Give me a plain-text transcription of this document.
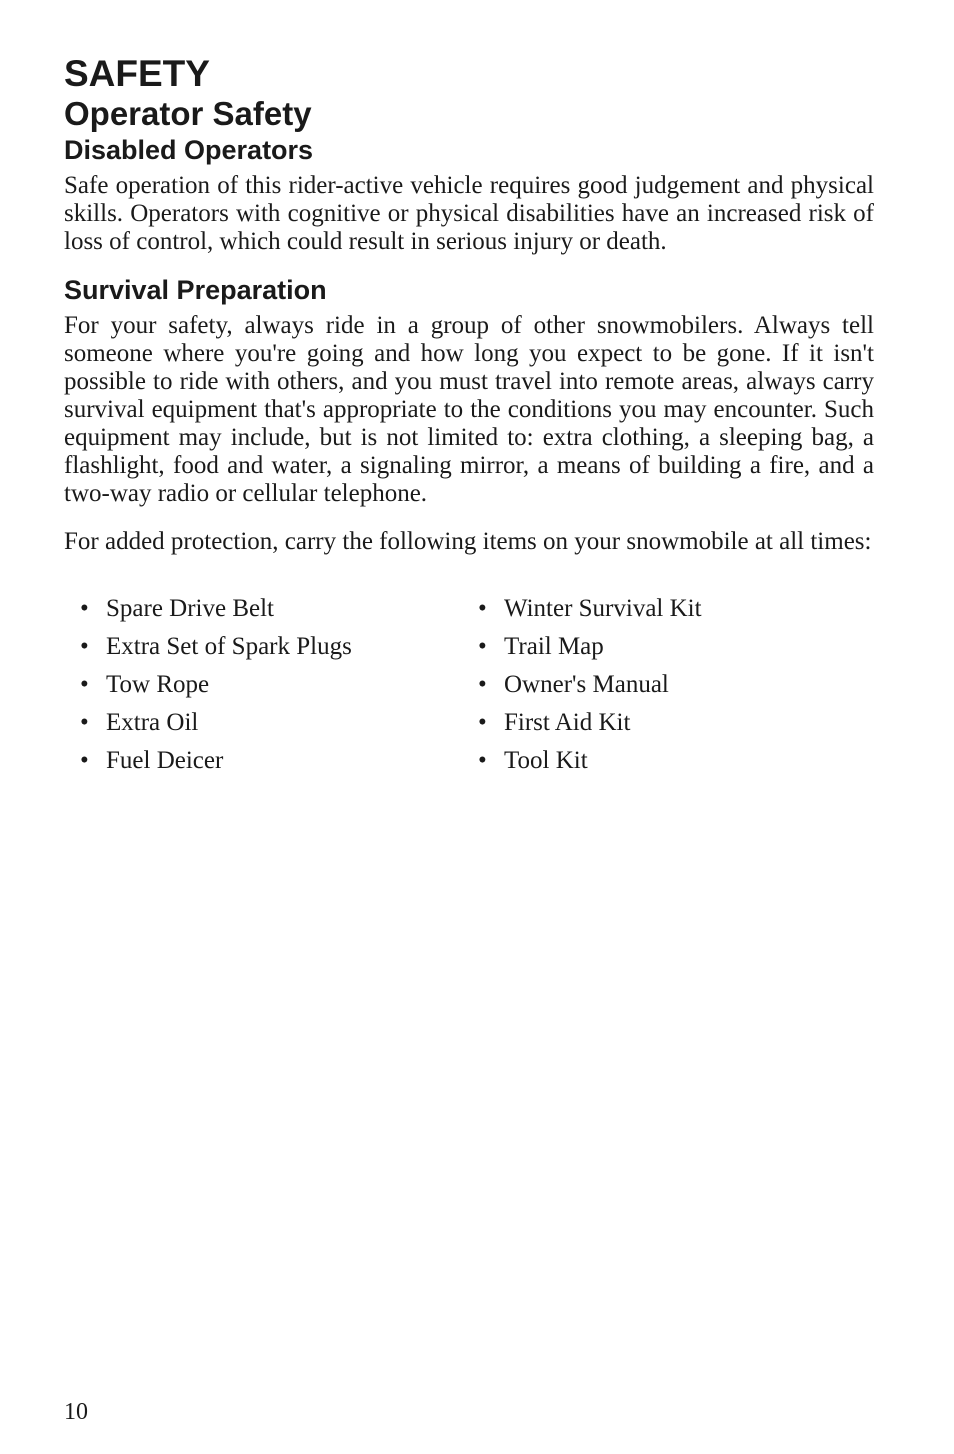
SAFETY
Operator Safety
Disabled Operators

Safe operation of this rider-active vehicle requires good judgement and physical skills. Operators with cognitive or physical disabilities have an increased risk of loss of control, which could result in serious injury or death.

Survival Preparation

For your safety, always ride in a group of other snowmobilers. Always tell someone where you're going and how long you expect to be gone. If it isn't possible to ride with others, and you must travel into remote areas, always carry survival equipment that's appropriate to the conditions you may encounter. Such equipment may include, but is not limited to: extra clothing, a sleeping bag, a flashlight, food and water, a signaling mirror, a means of building a fire, and a two-way radio or cellular telephone.

For added protection, carry the following items on your snowmobile at all times:

• Spare Drive Belt
• Extra Set of Spark Plugs
• Tow Rope
• Extra Oil
• Fuel Deicer
• Winter Survival Kit
• Trail Map
• Owner's Manual
• First Aid Kit
• Tool Kit
10
